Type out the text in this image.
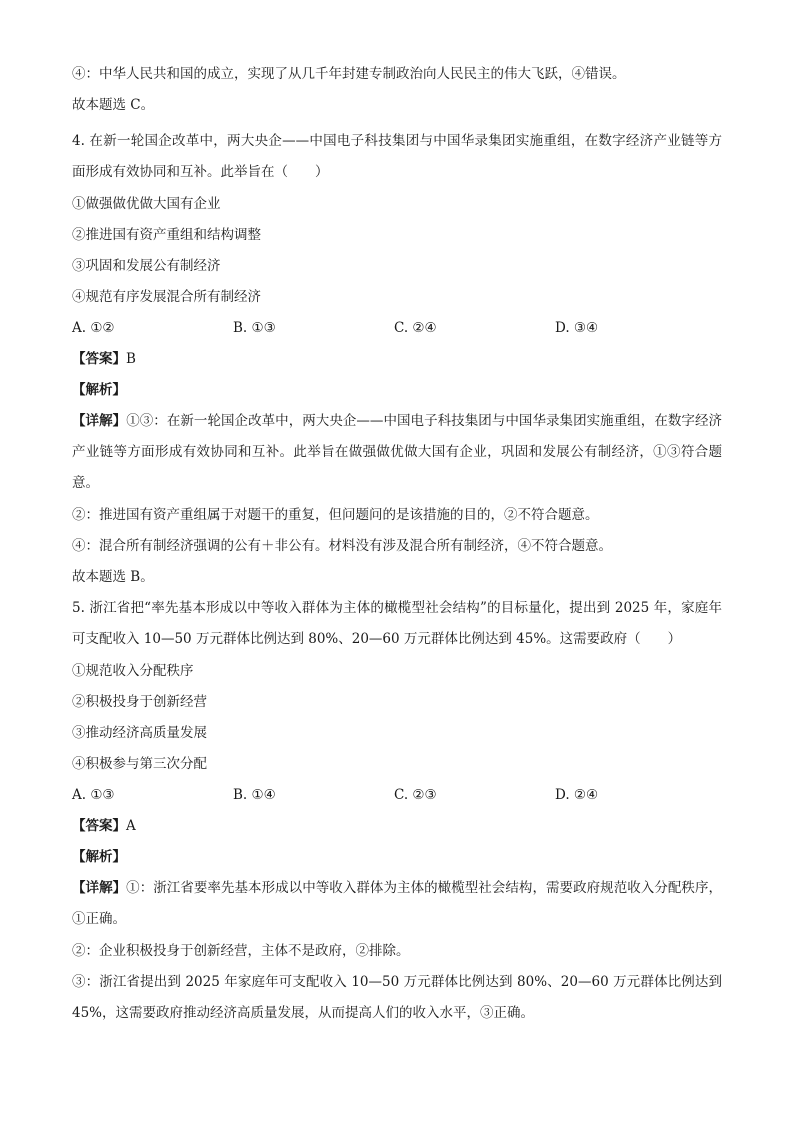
④：中华人民共和国的成立，实现了从几千年封建专制政治向人民民主的伟大飞跃，④错误。
故本题选 C。
4. 在新一轮国企改革中，两大央企——中国电子科技集团与中国华录集团实施重组，在数字经济产业链等方面形成有效协同和互补。此举旨在（　　）
①做强做优做大国有企业
②推进国有资产重组和结构调整
③巩固和发展公有制经济
④规范有序发展混合所有制经济
A. ①②	B. ①③	C. ②④	D. ③④
【答案】B
【解析】
【详解】①③：在新一轮国企改革中，两大央企——中国电子科技集团与中国华录集团实施重组，在数字经济产业链等方面形成有效协同和互补。此举旨在做强做优做大国有企业，巩固和发展公有制经济，①③符合题意。
②：推进国有资产重组属于对题干的重复，但问题问的是该措施的目的，②不符合题意。
④：混合所有制经济强调的公有＋非公有。材料没有涉及混合所有制经济，④不符合题意。
故本题选 B。
5. 浙江省把“率先基本形成以中等收入群体为主体的橄榄型社会结构”的目标量化，提出到 2025 年，家庭年可支配收入 10—50 万元群体比例达到 80%、20—60 万元群体比例达到 45%。这需要政府（　　）
①规范收入分配秩序
②积极投身于创新经营
③推动经济高质量发展
④积极参与第三次分配
A. ①③	B. ①④	C. ②③	D. ②④
【答案】A
【解析】
【详解】①：浙江省要率先基本形成以中等收入群体为主体的橄榄型社会结构，需要政府规范收入分配秩序，①正确。
②：企业积极投身于创新经营，主体不是政府，②排除。
③：浙江省提出到 2025 年家庭年可支配收入 10—50 万元群体比例达到 80%、20—60 万元群体比例达到 45%，这需要政府推动经济高质量发展，从而提高人们的收入水平，③正确。
